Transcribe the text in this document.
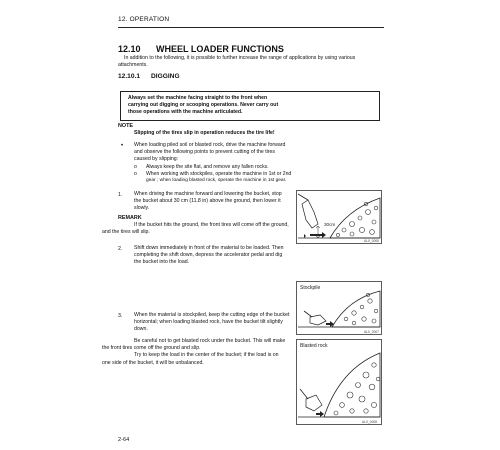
12. OPERATION
12.10 WHEEL LOADER FUNCTIONS
In addition to the following, it is possible to further increase the range of applications by using various attachments.
12.10.1 DIGGING
Always set the machine facing straight to the front when
carrying out digging or scooping operations. Never carry out
those operations with the machine articulated.
NOTE
Slipping of the tires slip in operation reduces the tire life!
• When loading piled soil or blasted rock, drive the machine forward
and observe the following points to prevent cutting of the tires
caused by slipping:
o Always keep the site flat, and remove any fallen rocks.
o When working with stockpiles, operate the machine in 1st or 2nd
gear ; when loading blasted rock, operate the machine in 1st gear.
1. When driving the machine forward and lowering the bucket, stop
the bucket about 30 cm (11.8 in) above the ground, then lower it
slowly.
REMARK
If the bucket hits the ground, the front tires will come off the ground,
and the tires will slip.
2. Shift down immediately in front of the material to be loaded. Then
completing the shift down, depress the accelerator pedal and dig
the bucket into the load.
3. When the material is stockpiled, keep the cutting edge of the bucket
horizontal; when loading blasted rock, have the bucket tilt slightly
down.
Be careful not to get blasted rock under the bucket. This will make
the front tires come off the ground and slip.
Try to keep the load in the center of the bucket; if the load is on
one side of the bucket, it will be unbalanced.
30cm
ALX_0006
Stockpile
ALX_0007
Blasted rock
ALX_0008
2-64
